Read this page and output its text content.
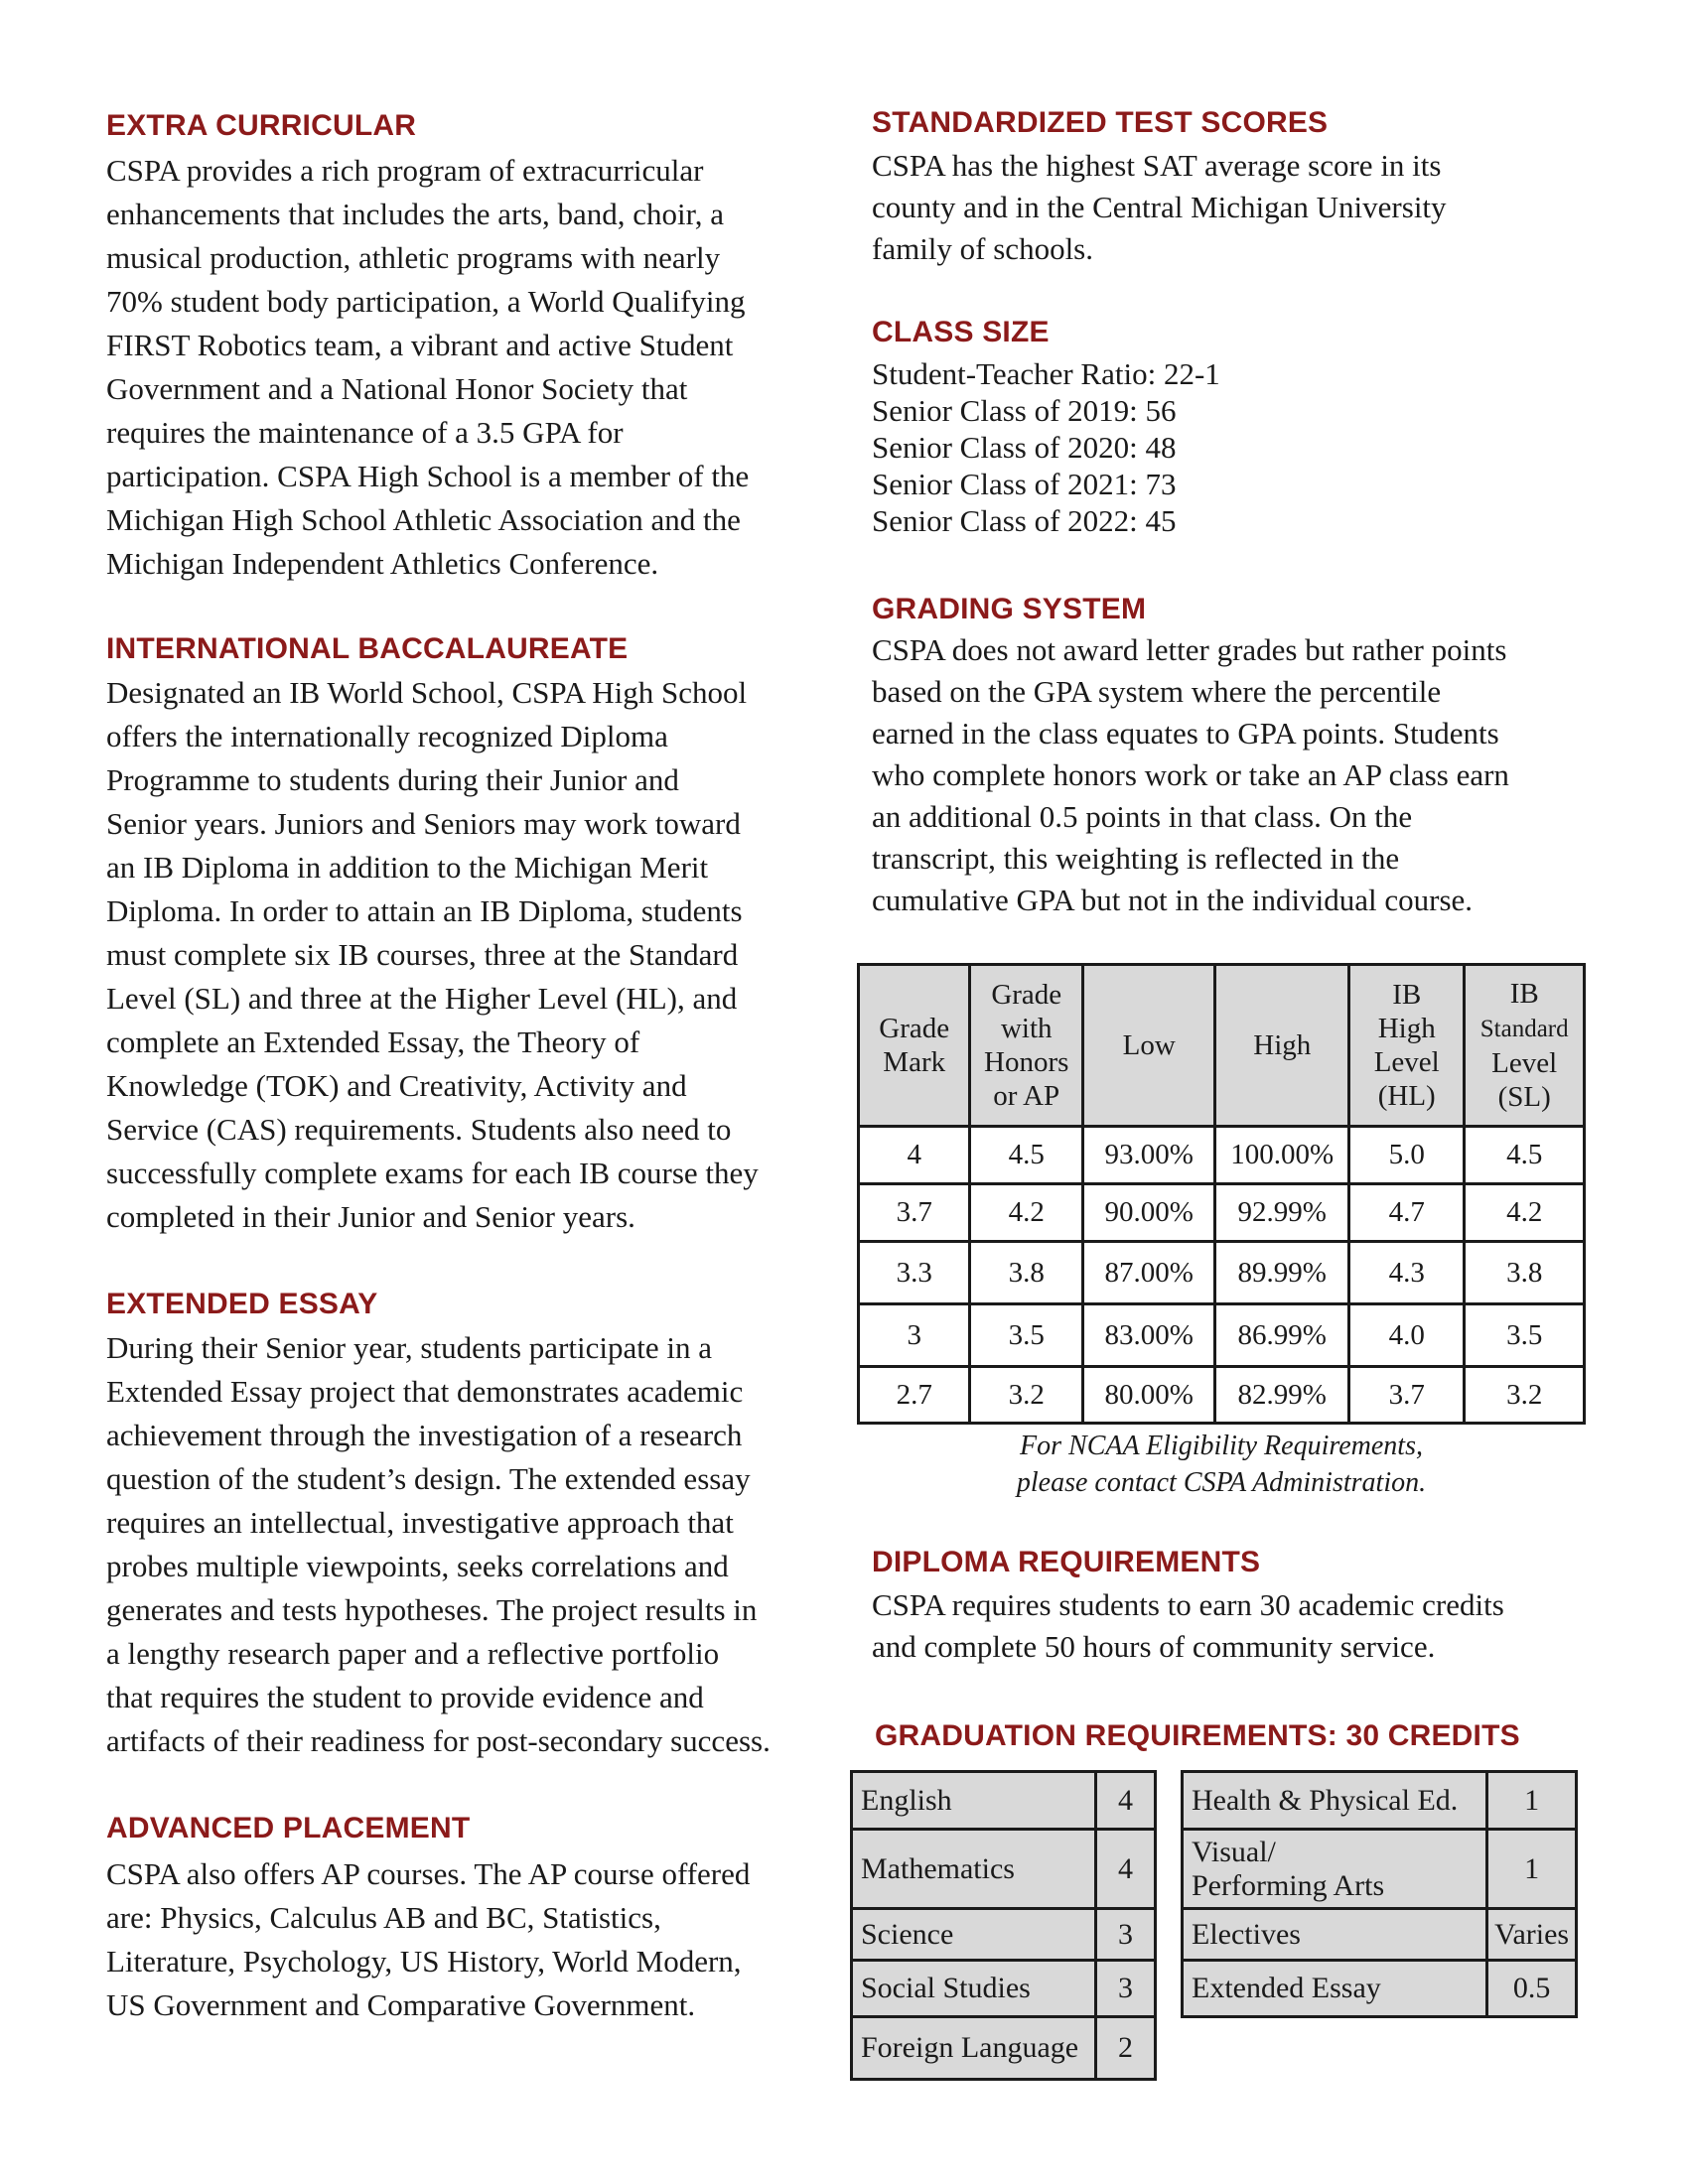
EXTRA CURRICULAR
CSPA provides a rich program of extracurricular
enhancements that includes the arts, band, choir, a
musical production, athletic programs with nearly
70% student body participation, a World Qualifying
FIRST Robotics team, a vibrant and active Student
Government and a National Honor Society that
requires the maintenance of a 3.5 GPA for
participation. CSPA High School is a member of the
Michigan High School Athletic Association and the
Michigan Independent Athletics Conference.
INTERNATIONAL BACCALAUREATE
Designated an IB World School, CSPA High School
offers the internationally recognized Diploma
Programme to students during their Junior and
Senior years. Juniors and Seniors may work toward
an IB Diploma in addition to the Michigan Merit
Diploma. In order to attain an IB Diploma, students
must complete six IB courses, three at the Standard
Level (SL) and three at the Higher Level (HL), and
complete an Extended Essay, the Theory of
Knowledge (TOK) and Creativity, Activity and
Service (CAS) requirements. Students also need to
successfully complete exams for each IB course they
completed in their Junior and Senior years.
EXTENDED ESSAY
During their Senior year, students participate in a
Extended Essay project that demonstrates academic
achievement through the investigation of a research
question of the student’s design. The extended essay
requires an intellectual, investigative approach that
probes multiple viewpoints, seeks correlations and
generates and tests hypotheses. The project results in
a lengthy research paper and a reflective portfolio
that requires the student to provide evidence and
artifacts of their readiness for post-secondary success.
ADVANCED PLACEMENT
CSPA also offers AP courses. The AP course offered
are: Physics, Calculus AB and BC, Statistics,
Literature, Psychology, US History, World Modern,
US Government and Comparative Government.
STANDARDIZED TEST SCORES
CSPA has the highest SAT average score in its
county and in the Central Michigan University
family of schools.
CLASS SIZE
Student-Teacher Ratio: 22-1
Senior Class of 2019: 56
Senior Class of 2020: 48
Senior Class of 2021: 73
Senior Class of 2022: 45
GRADING SYSTEM
CSPA does not award letter grades but rather points
based on the GPA system where the percentile
earned in the class equates to GPA points. Students
who complete honors work or take an AP class earn
an additional 0.5 points in that class. On the
transcript, this weighting is reflected in the
cumulative GPA but not in the individual course.
Grade
Mark	Grade
with
Honors
or AP	Low	High	IB
High
Level
(HL)	IB
Standard
Level
(SL)
4	4.5	93.00%	100.00%	5.0	4.5
3.7	4.2	90.00%	92.99%	4.7	4.2
3.3	3.8	87.00%	89.99%	4.3	3.8
3	3.5	83.00%	86.99%	4.0	3.5
2.7	3.2	80.00%	82.99%	3.7	3.2
For NCAA Eligibility Requirements,
please contact CSPA Administration.
DIPLOMA REQUIREMENTS
CSPA requires students to earn 30 academic credits
and complete 50 hours of community service.
GRADUATION REQUIREMENTS: 30 CREDITS
English	4
Mathematics	4
Science	3
Social Studies	3
Foreign Language	2
Health & Physical Ed.	1
Visual/
Performing Arts	1
Electives	Varies
Extended Essay	0.5
